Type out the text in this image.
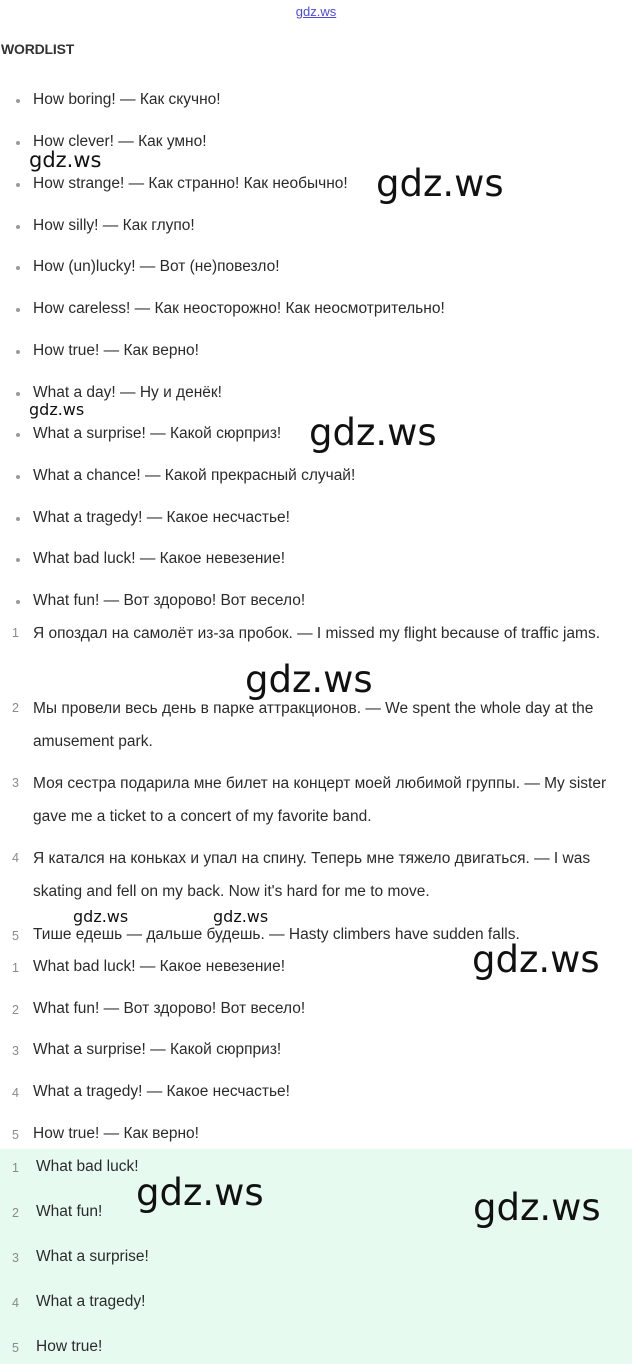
gdz.ws
WORDLIST
How boring! — Как скучно!
How clever! — Как умно!
How strange! — Как странно! Как необычно!
How silly! — Как глупо!
How (un)lucky! — Вот (не)повезло!
How careless! — Как неосторожно! Как неосмотрительно!
How true! — Как верно!
What a day! — Ну и денёк!
What a surprise! — Какой сюрприз!
What a chance! — Какой прекрасный случай!
What a tragedy! — Какое несчастье!
What bad luck! — Какое невезение!
What fun! — Вот здорово! Вот весело!
1 Я опоздал на самолёт из-за пробок. — I missed my flight because of traffic jams.
2 Мы провели весь день в парке аттракционов. — We spent the whole day at the amusement park.
3 Моя сестра подарила мне билет на концерт моей любимой группы. — My sister gave me a ticket to a concert of my favorite band.
4 Я катался на коньках и упал на спину. Теперь мне тяжело двигаться. — I was skating and fell on my back. Now it's hard for me to move.
5 Тише едешь — дальше будешь. — Hasty climbers have sudden falls.
1 What bad luck! — Какое невезение!
2 What fun! — Вот здорово! Вот весело!
3 What a surprise! — Какой сюрприз!
4 What a tragedy! — Какое несчастье!
5 How true! — Как верно!
1	What bad luck!
2	What fun!
3	What a surprise!
4	What a tragedy!
5	How true!
gdz.ws
gdz.ws
gdz.ws
gdz.ws
gdz.ws
gdz.ws	gdz.ws
gdz.ws
gdz.ws	gdz.ws
